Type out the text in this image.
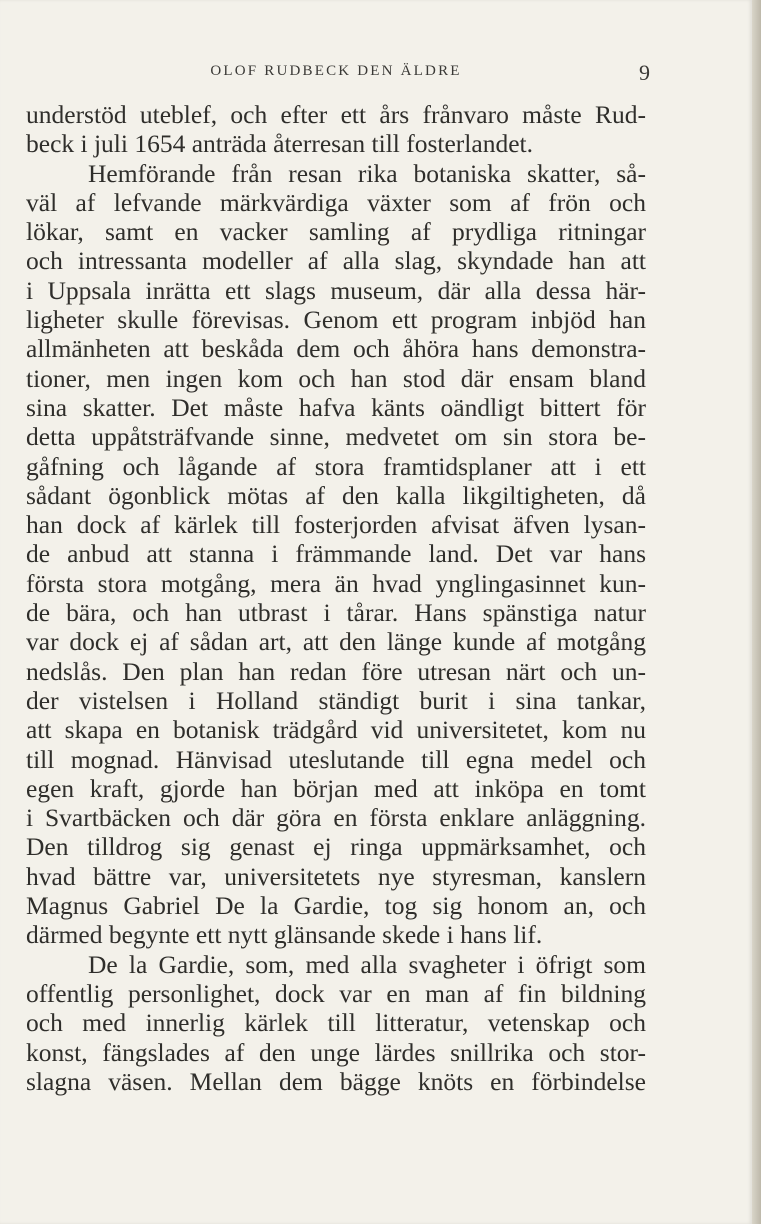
OLOF RUDBECK DEN ÄLDRE	9
understöd uteblef, och efter ett års frånvaro måste Rud-
beck i juli 1654 anträda återresan till fosterlandet.
Hemförande från resan rika botaniska skatter, så-
väl af lefvande märkvärdiga växter som af frön och
lökar, samt en vacker samling af prydliga ritningar
och intressanta modeller af alla slag, skyndade han att
i Uppsala inrätta ett slags museum, där alla dessa här-
ligheter skulle förevisas. Genom ett program inbjöd han
allmänheten att beskåda dem och åhöra hans demonstra-
tioner, men ingen kom och han stod där ensam bland
sina skatter. Det måste hafva känts oändligt bittert för
detta uppåtsträfvande sinne, medvetet om sin stora be-
gåfning och lågande af stora framtidsplaner att i ett
sådant ögonblick mötas af den kalla likgiltigheten, då
han dock af kärlek till fosterjorden afvisat äfven lysan-
de anbud att stanna i främmande land. Det var hans
första stora motgång, mera än hvad ynglingasinnet kun-
de bära, och han utbrast i tårar. Hans spänstiga natur
var dock ej af sådan art, att den länge kunde af motgång
nedslås. Den plan han redan före utresan närt och un-
der vistelsen i Holland ständigt burit i sina tankar,
att skapa en botanisk trädgård vid universitetet, kom nu
till mognad. Hänvisad uteslutande till egna medel och
egen kraft, gjorde han början med att inköpa en tomt
i Svartbäcken och där göra en första enklare anläggning.
Den tilldrog sig genast ej ringa uppmärksamhet, och
hvad bättre var, universitetets nye styresman, kanslern
Magnus Gabriel De la Gardie, tog sig honom an, och
därmed begynte ett nytt glänsande skede i hans lif.
De la Gardie, som, med alla svagheter i öfrigt som
offentlig personlighet, dock var en man af fin bildning
och med innerlig kärlek till litteratur, vetenskap och
konst, fängslades af den unge lärdes snillrika och stor-
slagna väsen. Mellan dem bägge knöts en förbindelse
